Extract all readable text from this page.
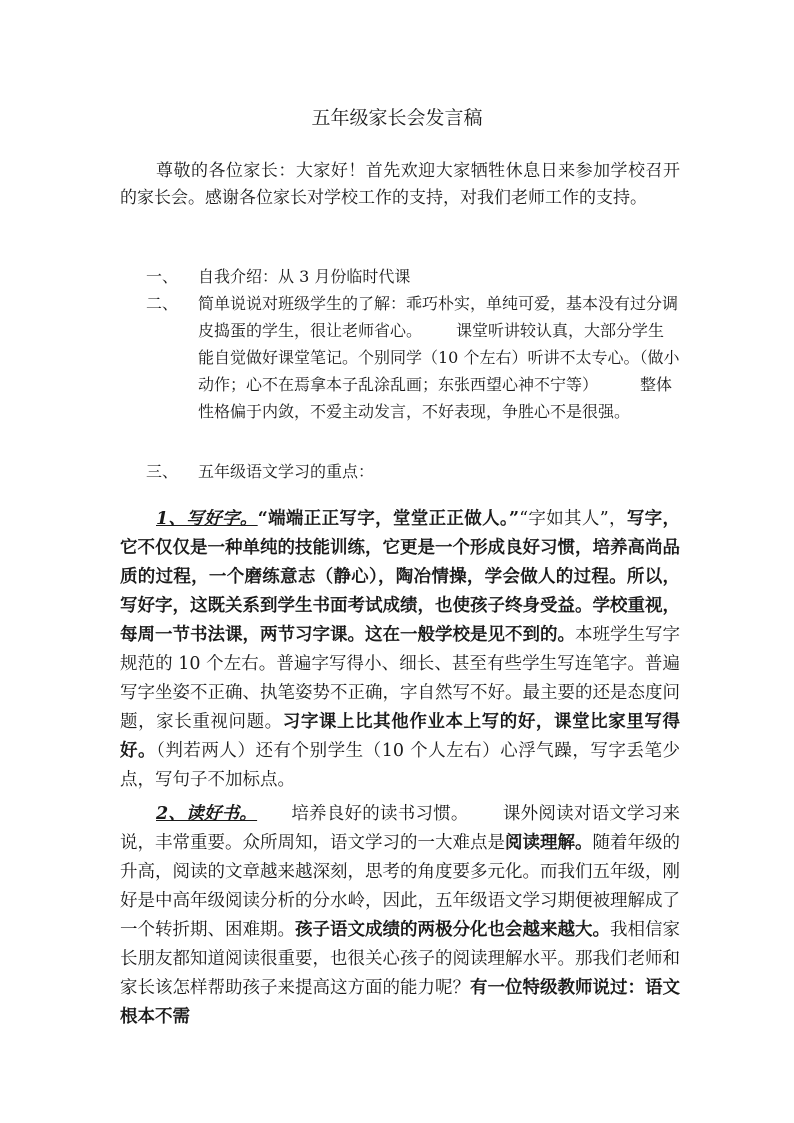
五年级家长会发言稿
尊敬的各位家长：大家好！首先欢迎大家牺牲休息日来参加学校召开的家长会。感谢各位家长对学校工作的支持，对我们老师工作的支持。
一、 自我介绍：从 3 月份临时代课
二、 简单说说对班级学生的了解：乖巧朴实，单纯可爱，基本没有过分调皮捣蛋的学生，很让老师省心。 课堂听讲较认真，大部分学生能自觉做好课堂笔记。个别同学（10 个左右）听讲不太专心。（做小动作；心不在焉拿本子乱涂乱画；东张西望心神不宁等）	整体性格偏于内敛，不爱主动发言，不好表现，争胜心不是很强。
三、 五年级语文学习的重点：
1、写好字。“端端正正写字，堂堂正正做人。”“字如其人”，写字，它不仅仅是一种单纯的技能训练，它更是一个形成良好习惯，培养高尚品质的过程，一个磨练意志（静心），陶冶情操，学会做人的过程。所以，写好字，这既关系到学生书面考试成绩，也使孩子终身受益。学校重视，每周一节书法课，两节习字课。这在一般学校是见不到的。本班学生写字规范的 10 个左右。普遍字写得小、细长、甚至有些学生写连笔字。普遍写字坐姿不正确、执笔姿势不正确，字自然写不好。最主要的还是态度问题，家长重视问题。习字课上比其他作业本上写的好，课堂比家里写得好。（判若两人）还有个别学生（10 个人左右）心浮气躁，写字丢笔少点，写句子不加标点。
2、读好书。 培养良好的读书习惯。 课外阅读对语文学习来说，丰常重要。众所周知，语文学习的一大难点是阅读理解。随着年级的升高，阅读的文章越来越深刻，思考的角度要多元化。而我们五年级，刚好是中高年级阅读分析的分水岭，因此，五年级语文学习期便被理解成了一个转折期、困难期。孩子语文成绩的两极分化也会越来越大。我相信家长朋友都知道阅读很重要，也很关心孩子的阅读理解水平。那我们老师和家长该怎样帮助孩子来提高这方面的能力呢？有一位特级教师说过：语文根本不需
